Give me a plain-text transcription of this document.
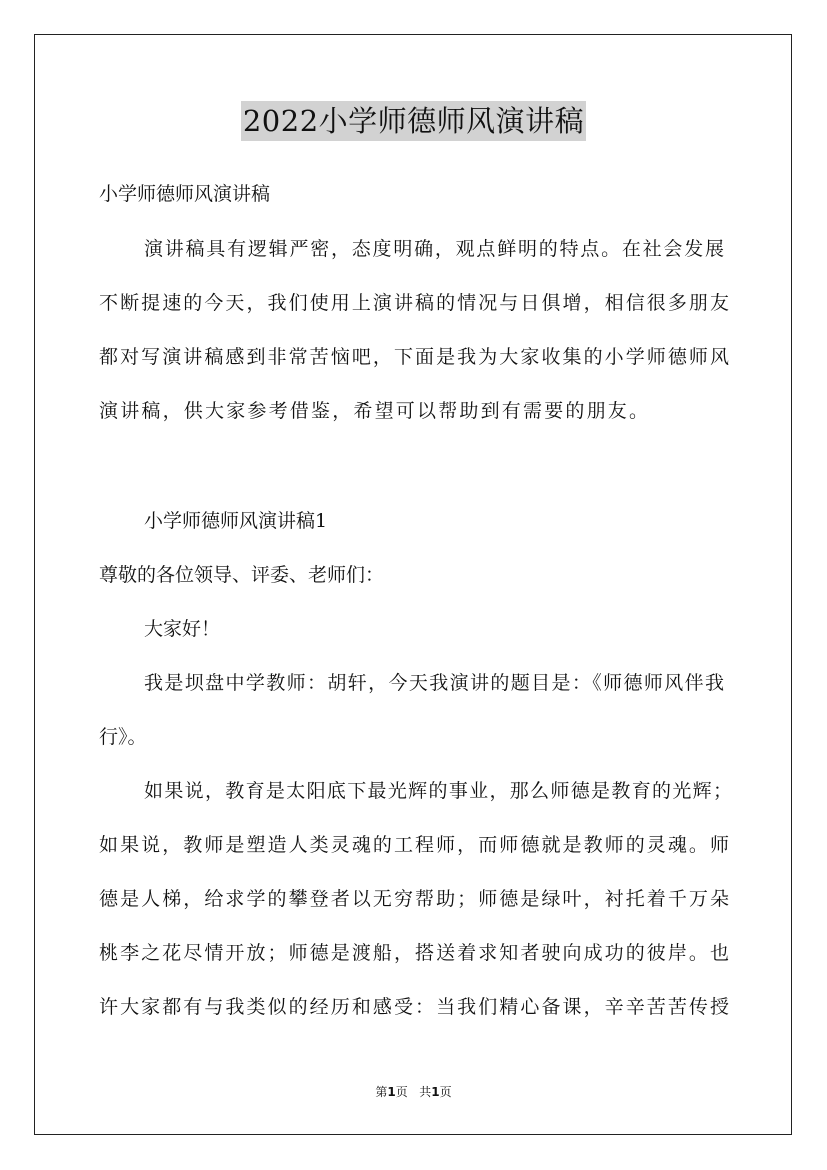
2022小学师德师风演讲稿
小学师德师风演讲稿
演讲稿具有逻辑严密，态度明确，观点鲜明的特点。在社会发展
不断提速的今天，我们使用上演讲稿的情况与日俱增，相信很多朋友
都对写演讲稿感到非常苦恼吧，下面是我为大家收集的小学师德师风
演讲稿，供大家参考借鉴，希望可以帮助到有需要的朋友。
小学师德师风演讲稿1
尊敬的各位领导、评委、老师们：
大家好！
我是坝盘中学教师：胡轩，今天我演讲的题目是：《师德师风伴我
行》。
如果说，教育是太阳底下最光辉的事业，那么师德是教育的光辉；
如果说，教师是塑造人类灵魂的工程师，而师德就是教师的灵魂。师
德是人梯，给求学的攀登者以无穷帮助；师德是绿叶，衬托着千万朵
桃李之花尽情开放；师德是渡船，搭送着求知者驶向成功的彼岸。也
许大家都有与我类似的经历和感受：当我们精心备课，辛辛苦苦传授
第1页 共1页
